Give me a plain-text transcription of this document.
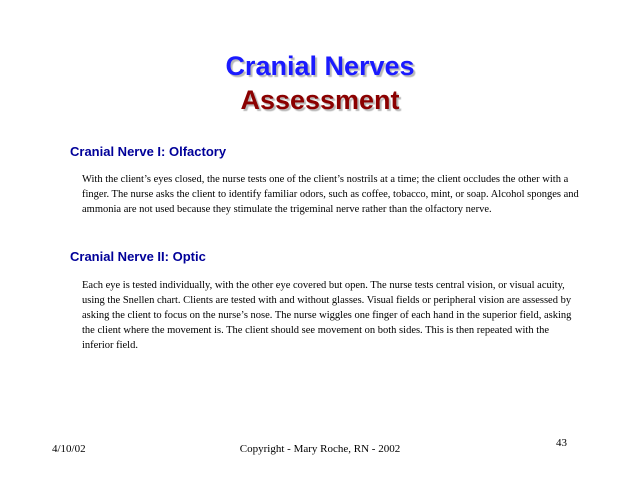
Cranial Nerves
Assessment
Cranial Nerve I: Olfactory
With the client’s eyes closed, the nurse tests one of the client’s nostrils at a time; the client occludes the other with a finger. The nurse asks the client to identify familiar odors, such as coffee, tobacco, mint, or soap. Alcohol sponges and ammonia are not used because they stimulate the trigeminal nerve rather than the olfactory nerve.
Cranial Nerve II: Optic
Each eye is tested individually, with the other eye covered but open. The nurse tests central vision, or visual acuity, using the Snellen chart. Clients are tested with and without glasses. Visual fields or peripheral vision are assessed by asking the client to focus on the nurse’s nose. The nurse wiggles one finger of each hand in the superior field, asking the client where the movement is. The client should see movement on both sides. This is then repeated with the inferior field.
4/10/02	Copyright - Mary Roche, RN - 2002	43
